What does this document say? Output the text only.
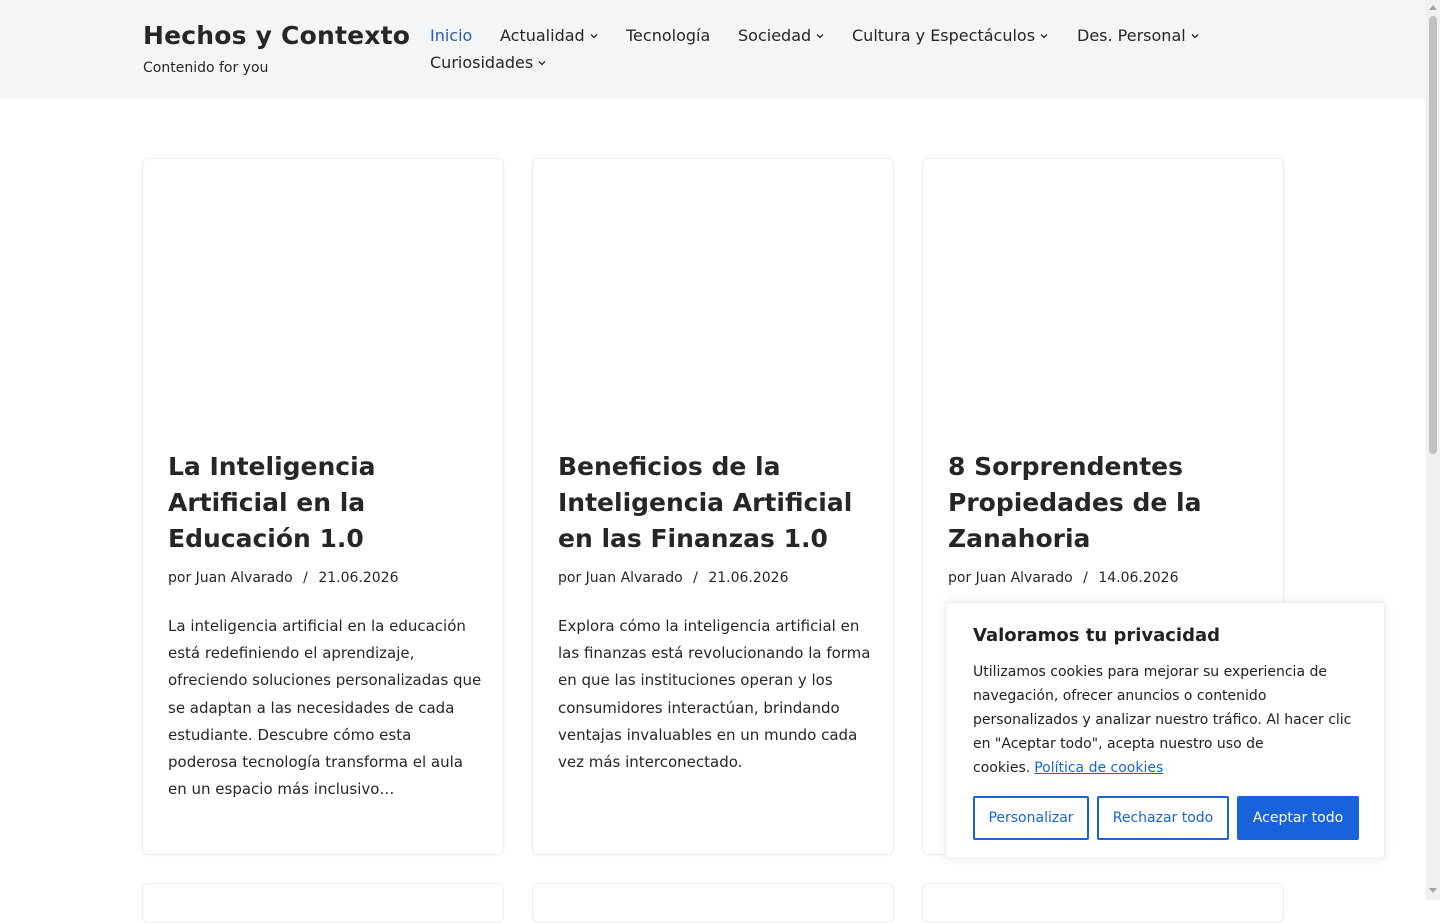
Hechos y Contexto
Contenido for you
Inicio Actualidad	Tecnología Sociedad	Cultura y Espectáculos	Des. Personal
Curiosidades
La Inteligencia Artificial en la Educación 1.0
por Juan Alvarado / 21.06.2026

La inteligencia artificial en la educación está redefiniendo el aprendizaje, ofreciendo soluciones personalizadas que se adaptan a las necesidades de cada estudiante. Descubre cómo esta poderosa tecnología transforma el aula en un espacio más inclusivo…

Beneficios de la Inteligencia Artificial en las Finanzas 1.0
por Juan Alvarado / 21.06.2026

Explora cómo la inteligencia artificial en las finanzas está revolucionando la forma en que las instituciones operan y los consumidores interactúan, brindando ventajas invaluables en un mundo cada vez más interconectado.

8 Sorprendentes Propiedades de la Zanahoria
por Juan Alvarado / 14.06.2026

Valoramos tu privacidad
Utilizamos cookies para mejorar su experiencia de navegación, ofrecer anuncios o contenido personalizados y analizar nuestro tráfico. Al hacer clic en "Aceptar todo", acepta nuestro uso de cookies. Política de cookies
Personalizar	Rechazar todo	Aceptar todo
